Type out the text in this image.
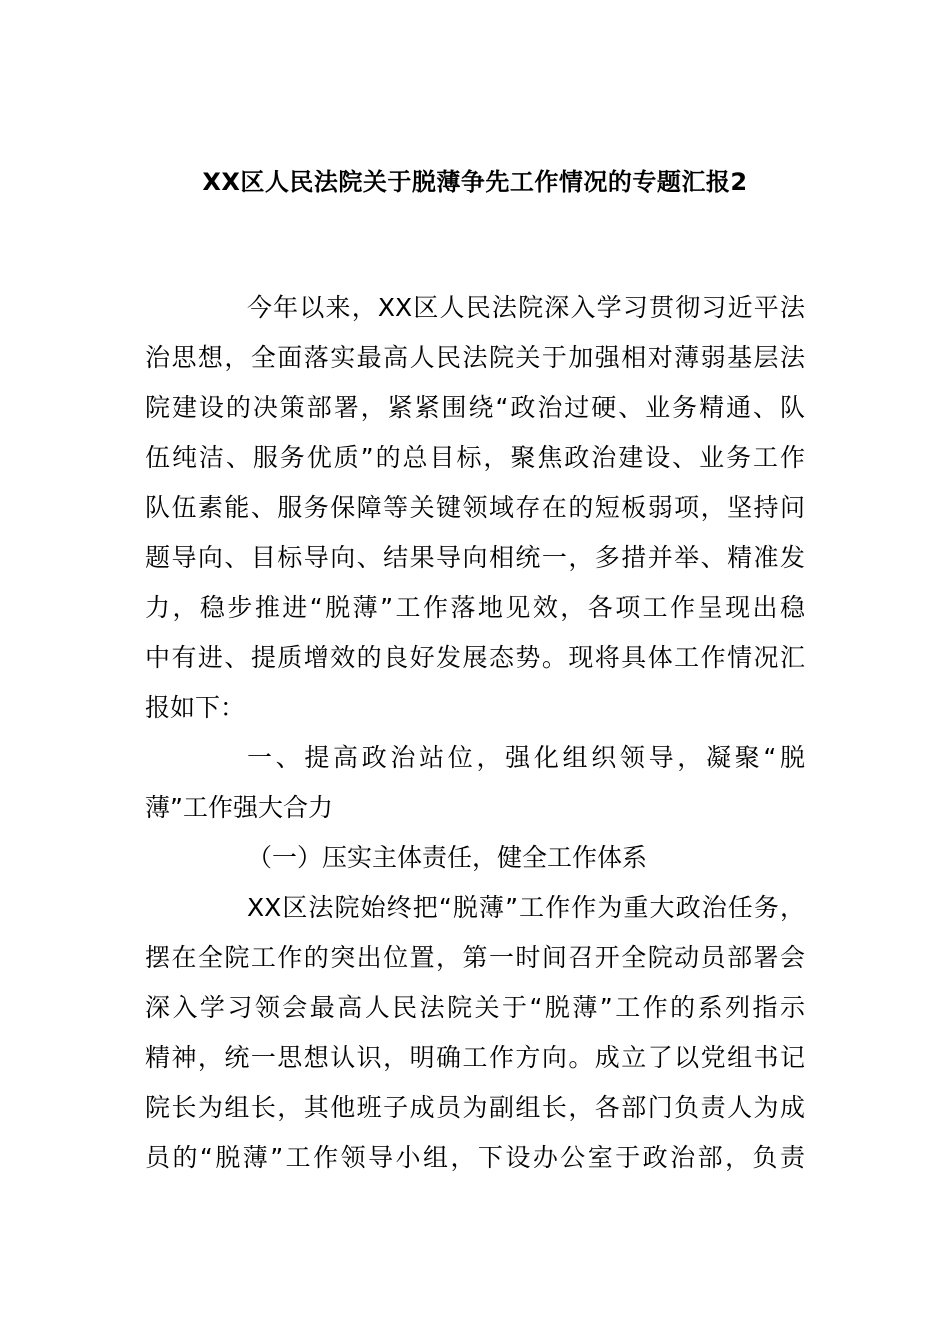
XX区人民法院关于脱薄争先工作情况的专题汇报2
今年以来，XX区人民法院深入学习贯彻习近平法
治思想，全面落实最高人民法院关于加强相对薄弱基层法
院建设的决策部署，紧紧围绕“政治过硬、业务精通、队
伍纯洁、服务优质”的总目标，聚焦政治建设、业务工作
队伍素能、服务保障等关键领域存在的短板弱项，坚持问
题导向、目标导向、结果导向相统一，多措并举、精准发
力，稳步推进“脱薄”工作落地见效，各项工作呈现出稳
中有进、提质增效的良好发展态势。现将具体工作情况汇
报如下：
一、提高政治站位，强化组织领导，凝聚“脱
薄”工作强大合力
（一）压实主体责任，健全工作体系
XX区法院始终把“脱薄”工作作为重大政治任务，
摆在全院工作的突出位置，第一时间召开全院动员部署会
深入学习领会最高人民法院关于“脱薄”工作的系列指示
精神，统一思想认识，明确工作方向。成立了以党组书记
院长为组长，其他班子成员为副组长，各部门负责人为成
员的“脱薄”工作领导小组，下设办公室于政治部，负责
